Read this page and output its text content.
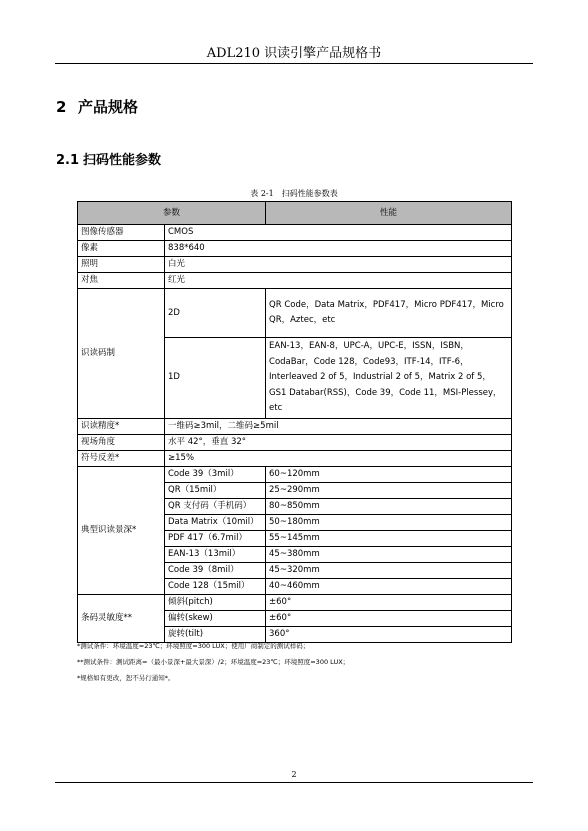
ADL210 识读引擎产品规格书
2 产品规格
2.1 扫码性能参数
表 2-1　扫码性能参数表
参数		性能
图像传感器	CMOS	
像素	838*640	
照明	白光	
对焦	红光	
识读码制	2D	QR Code，Data Matrix，PDF417，Micro PDF417，Micro QR，Aztec，etc
	1D	EAN-13，EAN-8，UPC-A，UPC-E，ISSN，ISBN，CodaBar，Code 128，Code93，ITF-14，ITF-6，Interleaved 2 of 5，Industrial 2 of 5，Matrix 2 of 5，GS1 Databar(RSS)，Code 39，Code 11，MSI-Plessey，etc
识读精度*	一维码≥3mil，二维码≥5mil	
视场角度	水平 42°，垂直 32°	
符号反差*	≥15%	
典型识读景深*	Code 39（3mil）	60~120mm
	QR（15mil）	25~290mm
	QR 支付码（手机码）	80~850mm
	Data Matrix（10mil）	50~180mm
	PDF 417（6.7mil）	55~145mm
	EAN-13（13mil）	45~380mm
	Code 39（8mil）	45~320mm
	Code 128（15mil）	40~460mm
条码灵敏度**	倾斜(pitch)	±60°
	偏转(skew)	±60°
	旋转(tilt)	360°
*测试条件：环境温度=23℃；环境照度=300 LUX；使用厂商制定的测试样码；
**测试条件：测试距离=（最小景深+最大景深）/2；环境温度=23℃；环境照度=300 LUX；
*规格如有更改，恕不另行通知*。
2
